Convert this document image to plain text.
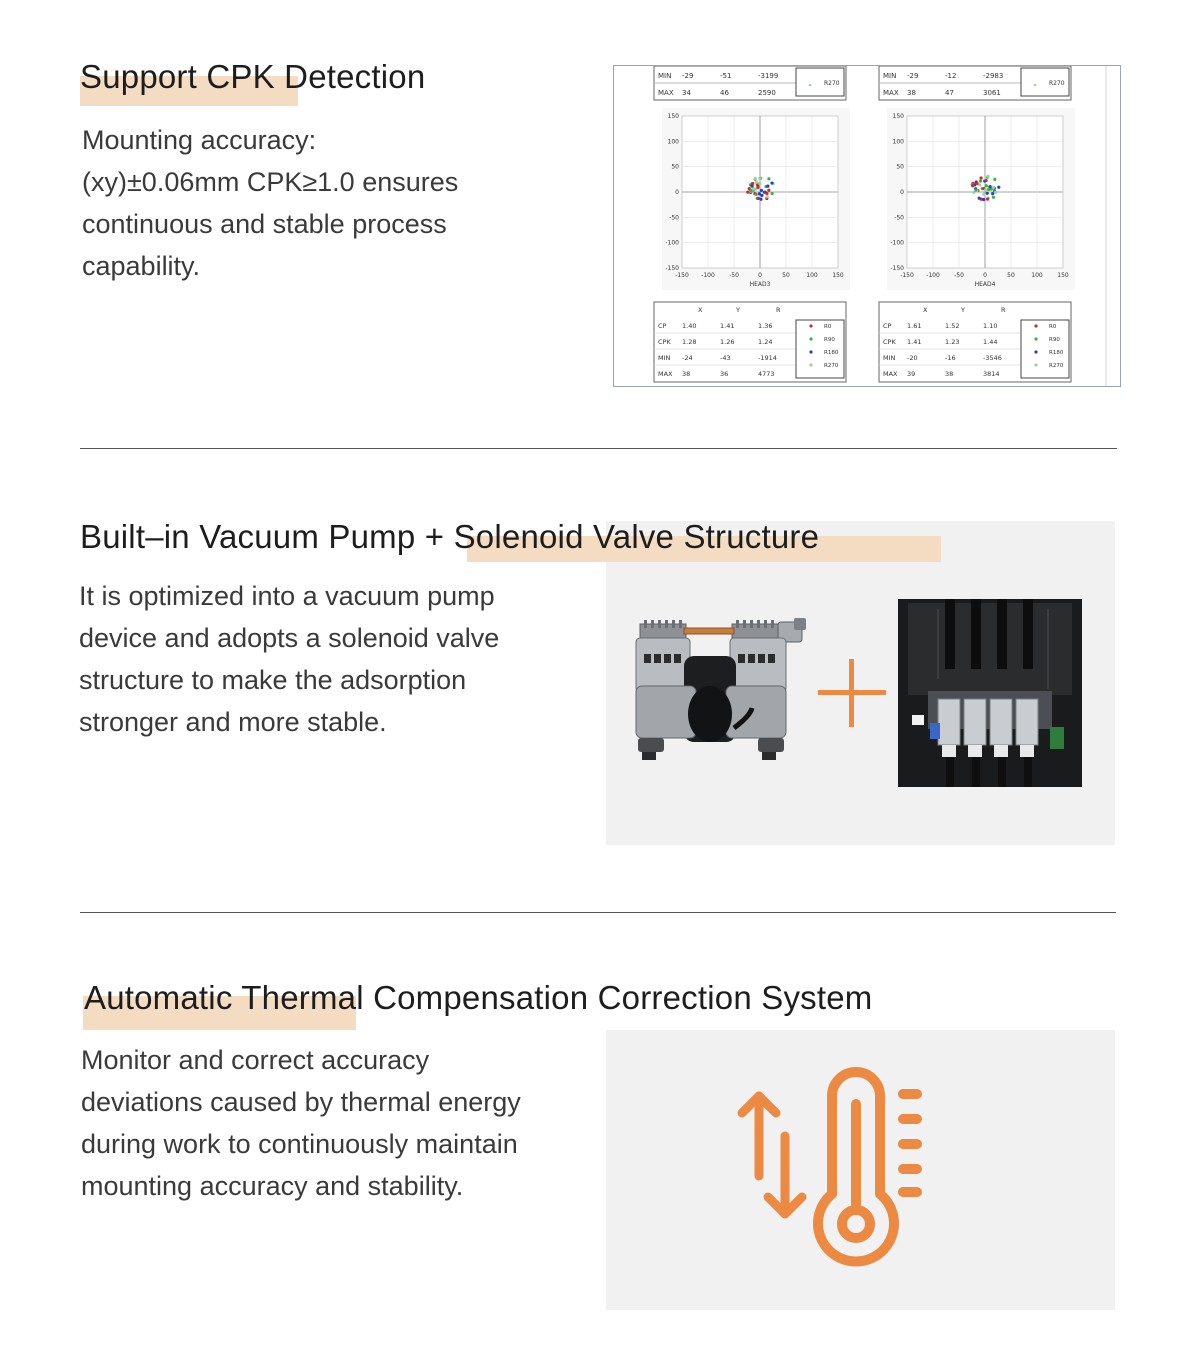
Support CPK Detection
Mounting accuracy:
(xy)±0.06mm CPK≥1.0 ensures
continuous and stable process
capability.
MIN -29	-51	-3199
MAX 34	46	2590
R270
MIN -29	-12	-2983
MAX 38	47	3061
R270
-150
150
-100
100
-50
50
0
0
50
-50
100
-100
150
-150
HEAD3
-150
150
-100
100
-50
50
0
0
50
-50
100
-100
150
-150
HEAD4
X	Y	R
CP 1.40	1.41	1.36
CPK 1.28	1.26	1.24
MIN -24	-43	-1914
MAX 38	36	4773
R0
R90
R180
R270
X	Y	R
CP 1.61	1.52	1.10
CPK 1.41	1.23	1.44
MIN -20	-16	-3546
MAX 39	38	3814
R0
R90
R180
R270
Built–in Vacuum Pump + Solenoid Valve Structure
It is optimized into a vacuum pump
device and adopts a solenoid valve
structure to make the adsorption
stronger and more stable.
Automatic Thermal Compensation Correction System
Monitor and correct accuracy
deviations caused by thermal energy
during work to continuously maintain
mounting accuracy and stability.
